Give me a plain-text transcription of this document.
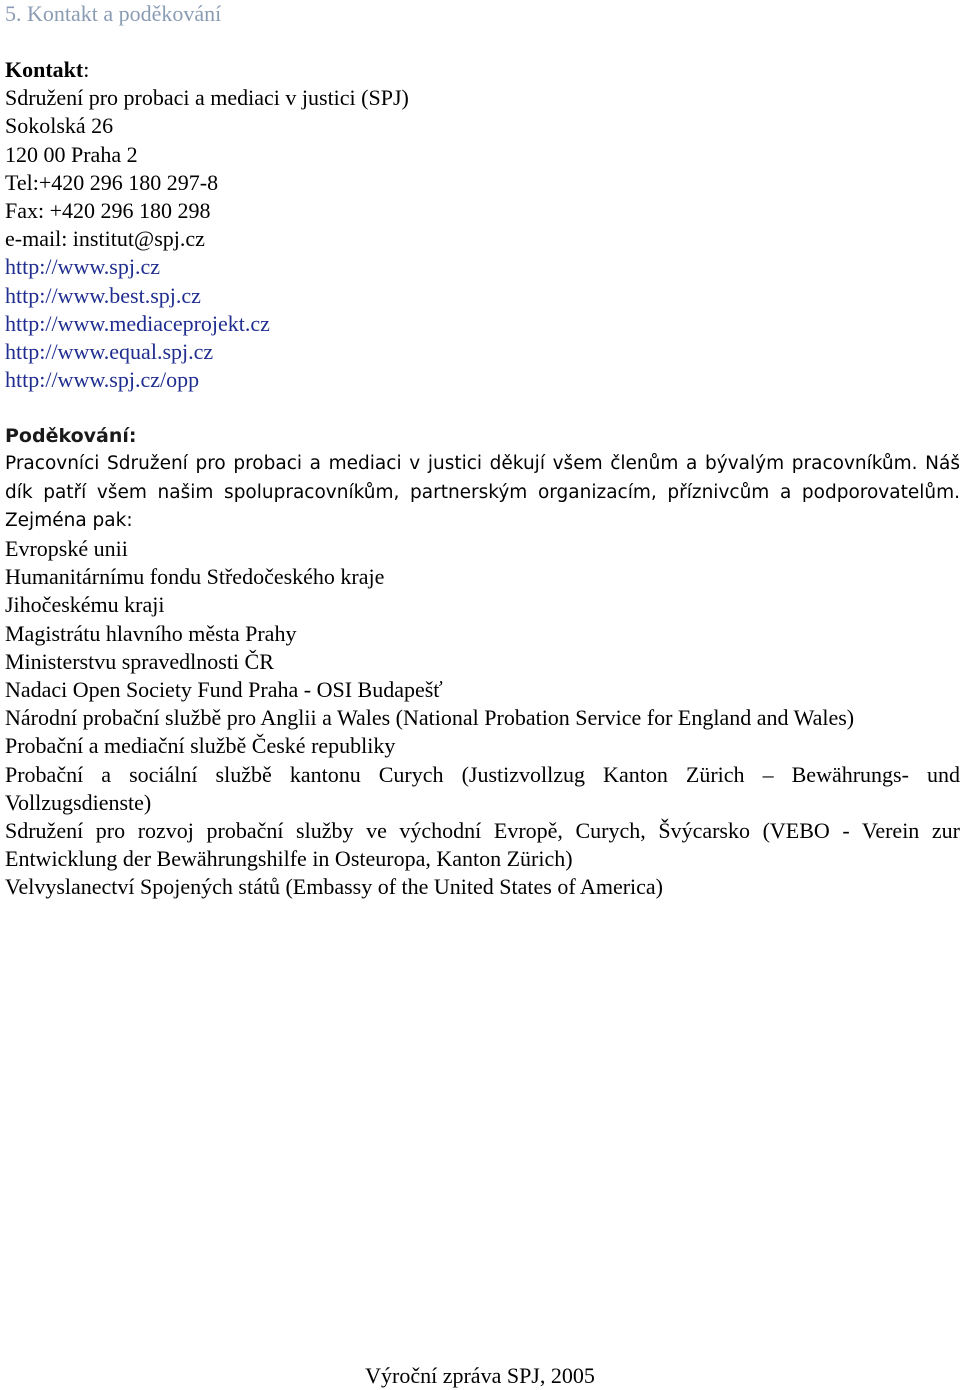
5. Kontakt a poděkování
Kontakt:
Sdružení pro probaci a mediaci v justici (SPJ)
Sokolská 26
120 00 Praha 2
Tel:+420 296 180 297-8
Fax: +420 296 180 298
e-mail: institut@spj.cz
http://www.spj.cz
http://www.best.spj.cz
http://www.mediaceprojekt.cz
http://www.equal.spj.cz
http://www.spj.cz/opp
Poděkování:
Pracovníci Sdružení pro probaci a mediaci v justici děkují všem členům a bývalým pracovníkům. Náš dík patří všem našim spolupracovníkům, partnerským organizacím, příznivcům a podporovatelům. Zejména pak:
Evropské unii
Humanitárnímu fondu Středočeského kraje
Jihočeskému kraji
Magistrátu hlavního města Prahy
Ministerstvu spravedlnosti ČR
Nadaci Open Society Fund Praha - OSI Budapešť
Národní probační službě pro Anglii a Wales (National Probation Service for England and Wales)
Probační a mediační službě České republiky
Probační a sociální službě kantonu Curych (Justizvollzug Kanton Zürich – Bewährungs- und Vollzugsdienste)
Sdružení pro rozvoj probační služby ve východní Evropě, Curych, Švýcarsko (VEBO - Verein zur Entwicklung der Bewährungshilfe in Osteuropa, Kanton Zürich)
Velvyslanectví Spojených států (Embassy of the United States of America)
Výroční zpráva SPJ, 2005
